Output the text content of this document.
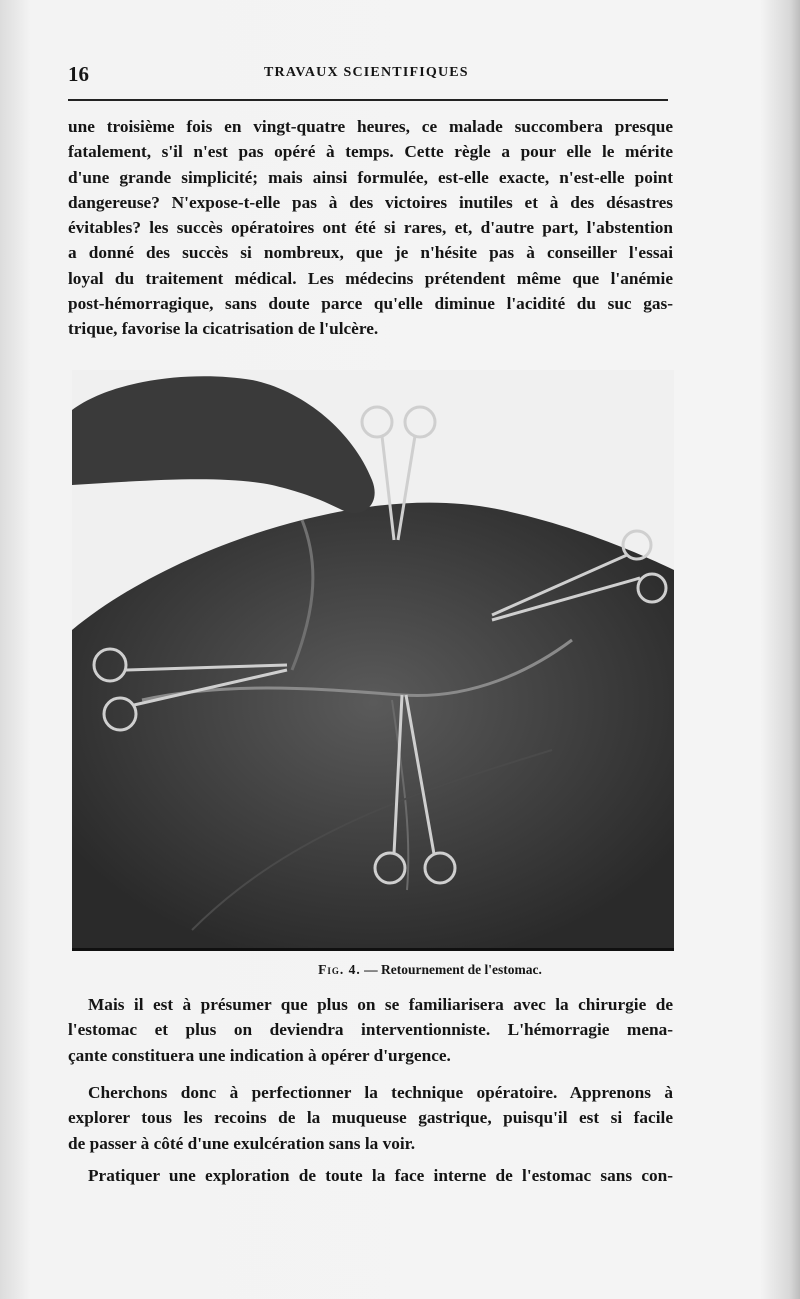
16	TRAVAUX SCIENTIFIQUES

une troisième fois en vingt-quatre heures, ce malade succombera presque
fatalement, s'il n'est pas opéré à temps. Cette règle a pour elle le mérite
d'une grande simplicité; mais ainsi formulée, est-elle exacte, n'est-elle point
dangereuse? N'expose-t-elle pas à des victoires inutiles et à des désastres
évitables? les succès opératoires ont été si rares, et, d'autre part, l'abstention
a donné des succès si nombreux, que je n'hésite pas à conseiller l'essai
loyal du traitement médical. Les médecins prétendent même que l'anémie
post-hémorragique, sans doute parce qu'elle diminue l'acidité du suc gas-
trique, favorise la cicatrisation de l'ulcère.

Fig. 4. — Retournement de l'estomac.

Mais il est à présumer que plus on se familiarisera avec la chirurgie de
l'estomac et plus on deviendra interventionniste. L'hémorragie mena-
çante constituera une indication à opérer d'urgence.

Cherchons donc à perfectionner la technique opératoire. Apprenons à
explorer tous les recoins de la muqueuse gastrique, puisqu'il est si facile
de passer à côté d'une exulcération sans la voir.

Pratiquer une exploration de toute la face interne de l'estomac sans con-
